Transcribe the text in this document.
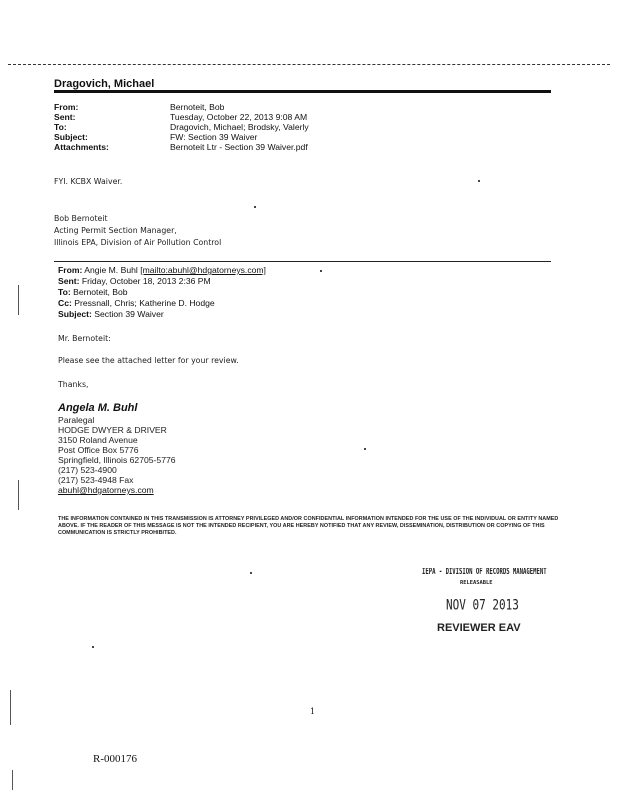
Dragovich, Michael
From:	Bernoteit, Bob
Sent:	Tuesday, October 22, 2013 9:08 AM
To:	Dragovich, Michael; Brodsky, Valerly
Subject:	FW: Section 39 Waiver
Attachments:	Bernoteit Ltr - Section 39 Waiver.pdf
FYI. KCBX Waiver.
Bob Bernoteit
Acting Permit Section Manager,
Illinois EPA, Division of Air Pollution Control
From: Angie M. Buhl [mailto:abuhl@hdgatorneys.com]
Sent: Friday, October 18, 2013 2:36 PM
To: Bernoteit, Bob
Cc: Pressnall, Chris; Katherine D. Hodge
Subject: Section 39 Waiver
Mr. Bernoteit:
Please see the attached letter for your review.
Thanks,
Angela M. Buhl
Paralegal
HODGE DWYER & DRIVER
3150 Roland Avenue
Post Office Box 5776
Springfield, Illinois 62705-5776
(217) 523-4900
(217) 523-4948 Fax
abuhl@hdgatorneys.com
THE INFORMATION CONTAINED IN THIS TRANSMISSION IS ATTORNEY PRIVILEGED AND/OR CONFIDENTIAL INFORMATION INTENDED FOR THE USE OF THE INDIVIDUAL OR ENTITY NAMED ABOVE. IF THE READER OF THIS MESSAGE IS NOT THE INTENDED RECIPIENT, YOU ARE HEREBY NOTIFIED THAT ANY REVIEW, DISSEMINATION, DISTRIBUTION OR COPYING OF THIS COMMUNICATION IS STRICTLY PROHIBITED.
IEPA - DIVISION OF RECORDS MANAGEMENT
RELEASABLE
NOV 07 2013
REVIEWER EAV
1
R-000176
